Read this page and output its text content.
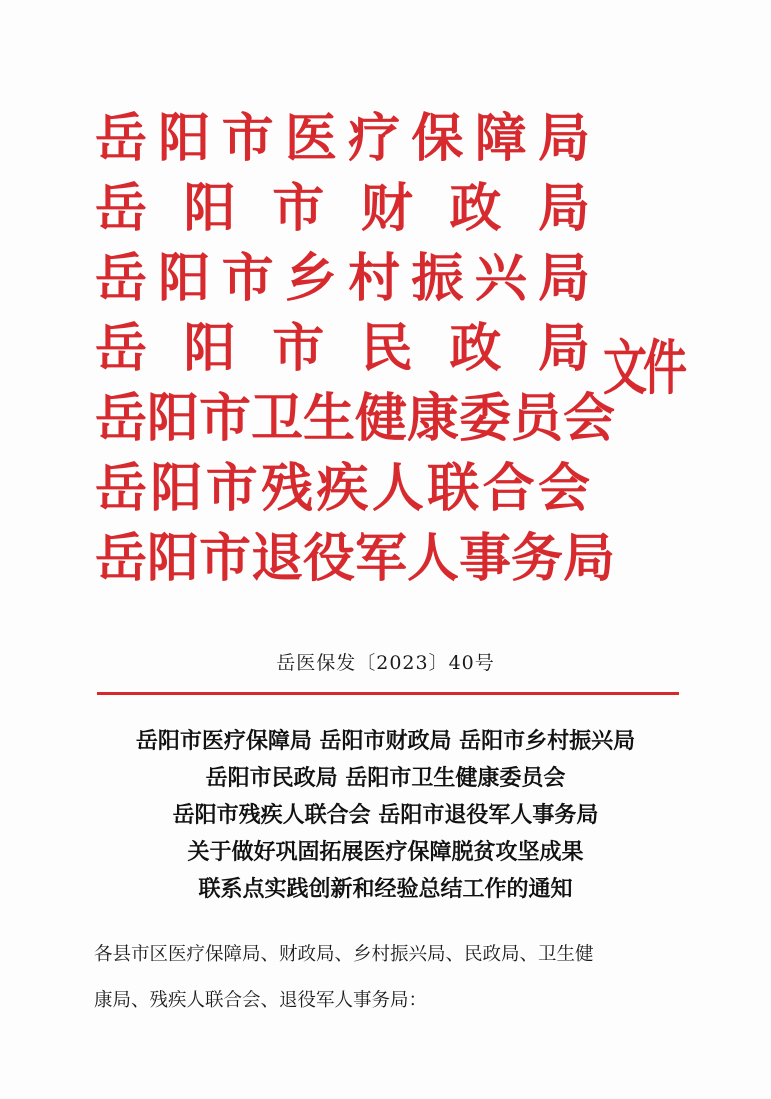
岳 阳 市 医 疗 保 障 局
岳 阳 市 财 政 局
岳 阳 市 乡 村 振 兴 局
岳 阳 市 民 政 局
岳 阳 市 卫 生 健 康 委 员 会
岳 阳 市 残 疾 人 联 合 会
岳 阳 市 退 役 军 人 事 务 局
文件
岳医保发〔2023〕40号
岳阳市医疗保障局 岳阳市财政局 岳阳市乡村振兴局
岳阳市民政局 岳阳市卫生健康委员会
岳阳市残疾人联合会 岳阳市退役军人事务局
关于做好巩固拓展医疗保障脱贫攻坚成果
联系点实践创新和经验总结工作的通知
各县市区医疗保障局、财政局、乡村振兴局、民政局、卫生健
康局、残疾人联合会、退役军人事务局：
